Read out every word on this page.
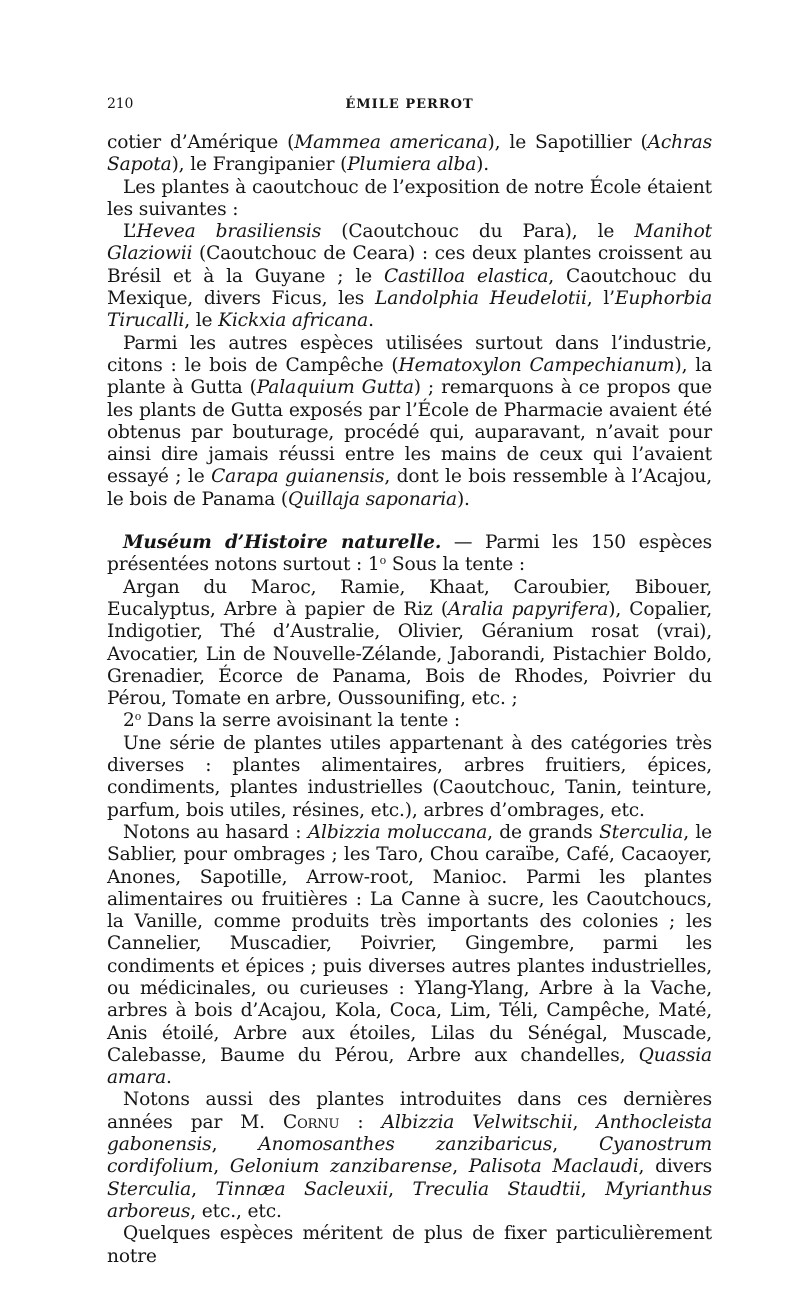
210	ÉMILE PERROT

cotier d’Amérique (Mammea americana), le Sapotillier (Achras Sapota), le Frangipanier (Plumiera alba).

Les plantes à caoutchouc de l’exposition de notre École étaient les suivantes :

L’Hevea brasiliensis (Caoutchouc du Para), le Manihot Glaziowii (Caoutchouc de Ceara) : ces deux plantes croissent au Brésil et à la Guyane ; le Castilloa elastica, Caoutchouc du Mexique, divers Ficus, les Landolphia Heudelotii, l’Euphorbia Tirucalli, le Kickxia africana.

Parmi les autres espèces utilisées surtout dans l’industrie, citons : le bois de Campêche (Hematoxylon Campechianum), la plante à Gutta (Palaquium Gutta) ; remarquons à ce propos que les plants de Gutta exposés par l’École de Pharmacie avaient été obtenus par bouturage, procédé qui, auparavant, n’avait pour ainsi dire jamais réussi entre les mains de ceux qui l’avaient essayé ; le Carapa guianensis, dont le bois ressemble à l’Acajou, le bois de Panama (Quillaja saponaria).

Muséum d’Histoire naturelle. — Parmi les 150 espèces présentées notons surtout : 1$^o$ Sous la tente :

Argan du Maroc, Ramie, Khaat, Caroubier, Bibouer, Eucalyptus, Arbre à papier de Riz (Aralia papyrifera), Copalier, Indigotier, Thé d’Australie, Olivier, Géranium rosat (vrai), Avocatier, Lin de Nouvelle-Zélande, Jaborandi, Pistachier Boldo, Grenadier, Écorce de Panama, Bois de Rhodes, Poivrier du Pérou, Tomate en arbre, Oussounifing, etc. ;

2$^o$ Dans la serre avoisinant la tente :

Une série de plantes utiles appartenant à des catégories très diverses : plantes alimentaires, arbres fruitiers, épices, condiments, plantes industrielles (Caoutchouc, Tanin, teinture, parfum, bois utiles, résines, etc.), arbres d’ombrages, etc.

Notons au hasard : Albizzia moluccana, de grands Sterculia, le Sablier, pour ombrages ; les Taro, Chou caraïbe, Café, Cacaoyer, Anones, Sapotille, Arrow-root, Manioc. Parmi les plantes alimentaires ou fruitières : La Canne à sucre, les Caoutchoucs, la Vanille, comme produits très importants des colonies ; les Cannelier, Muscadier, Poivrier, Gingembre, parmi les condiments et épices ; puis diverses autres plantes industrielles, ou médicinales, ou curieuses : Ylang-Ylang, Arbre à la Vache, arbres à bois d’Acajou, Kola, Coca, Lim, Téli, Campêche, Maté, Anis étoilé, Arbre aux étoiles, Lilas du Sénégal, Muscade, Calebasse, Baume du Pérou, Arbre aux chandelles, Quassia amara.

Notons aussi des plantes introduites dans ces dernières années par M. Cornu : Albizzia Velwitschii, Anthocleista gabonensis, Anomosanthes zanzibaricus, Cyanostrum cordifolium, Gelonium zanzibarense, Palisota Maclaudi, divers Sterculia, Tinnæa Sacleuxii, Treculia Staudtii, Myrianthus arboreus, etc., etc.

Quelques espèces méritent de plus de fixer particulièrement notre
